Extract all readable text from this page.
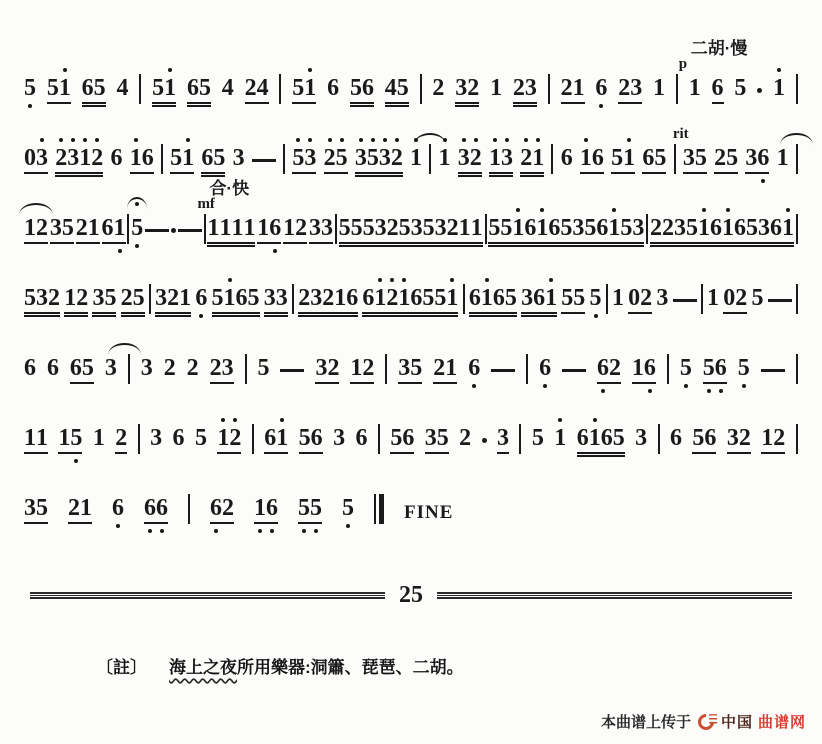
5 51 65 4 51 65 4 24 51 6 56 45 2 32 1 23 21 6 23 1 1
p
二胡·慢
6 5 1
03 2312 6 16 51 65 3 53 25 3532 1 1 32 13 21 6 16 51 65 35
rit
25 36 1
12 35 21 61 5	1111
mf
合·快
16 12 33 555325353211 5516165356153 223516165361
532 12 35 25 321 6 5165 33 23216 61216551 6165 361 55 5 1 02 3 1 02 5
6 6 65 3 3 2 2 23 5 32 12 35 21 6 6 62 16 5 56 5
11 15 1 2 3 6 5 12 61 56 3 6 56 35 2 3 5 1 6165 3 6 56 32 12
35 21 6 66 62 16 55 5	FINE
25
〔註〕 海上之夜所用樂器:洞簫、琵琶、二胡。
本曲谱上传于 中国 曲谱网
